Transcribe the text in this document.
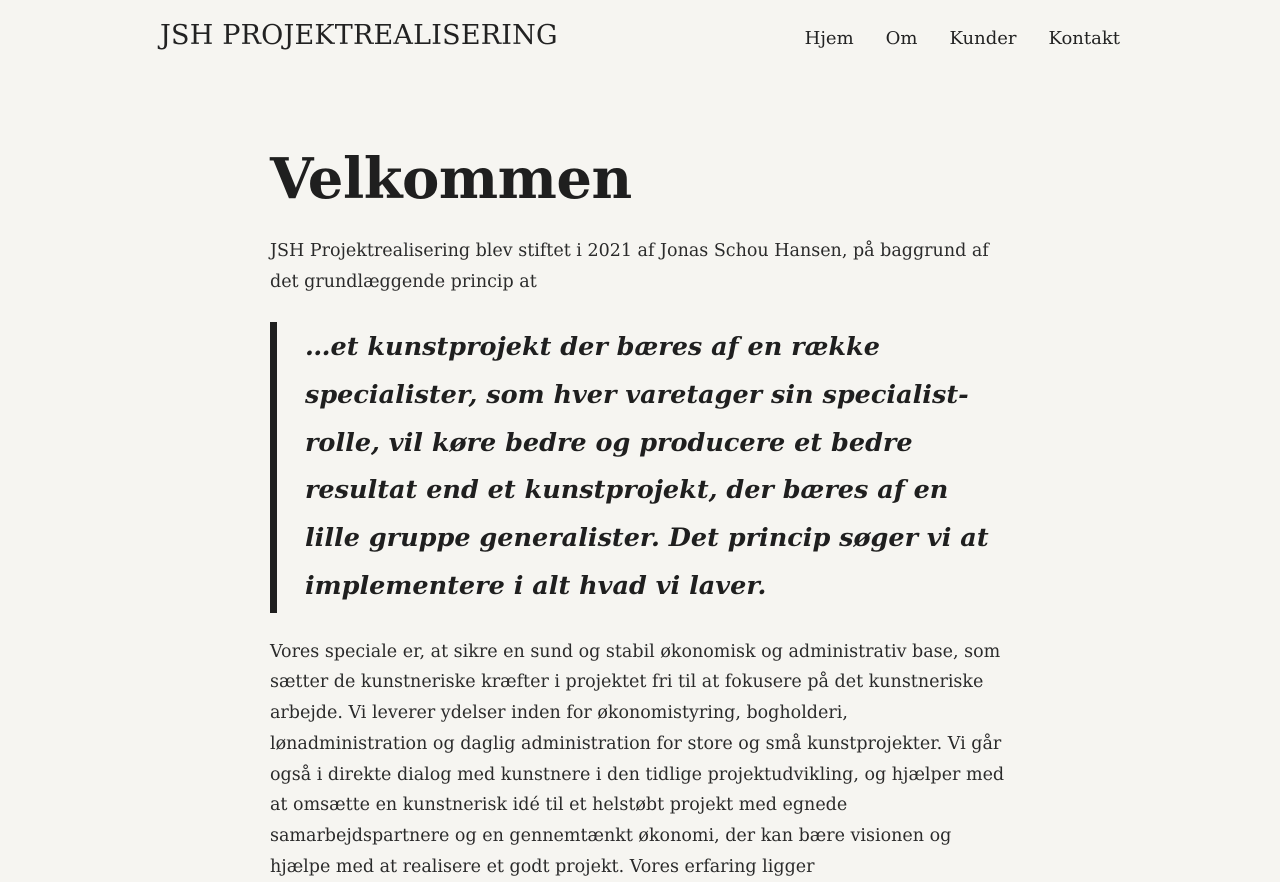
JSH PROJEKTREALISERING	Hjem Om Kunder Kontakt
Velkommen

JSH Projektrealisering blev stiftet i 2021 af Jonas Schou Hansen, på baggrund af det grundlæggende princip at

…et kunstprojekt der bæres af en række specialister, som hver varetager sin specialist-rolle, vil køre bedre og producere et bedre resultat end et kunstprojekt, der bæres af en lille gruppe generalister. Det princip søger vi at implementere i alt hvad vi laver.

Vores speciale er, at sikre en sund og stabil økonomisk og administrativ base, som sætter de kunstneriske kræfter i projektet fri til at fokusere på det kunstneriske arbejde. Vi leverer ydelser inden for økonomistyring, bogholderi, lønadministration og daglig administration for store og små kunstprojekter. Vi går også i direkte dialog med kunstnere i den tidlige projektudvikling, og hjælper med at omsætte en kunstnerisk idé til et helstøbt projekt med egnede samarbejdspartnere og en gennemtænkt økonomi, der kan bære visionen og hjælpe med at realisere et godt projekt. Vores erfaring ligger
